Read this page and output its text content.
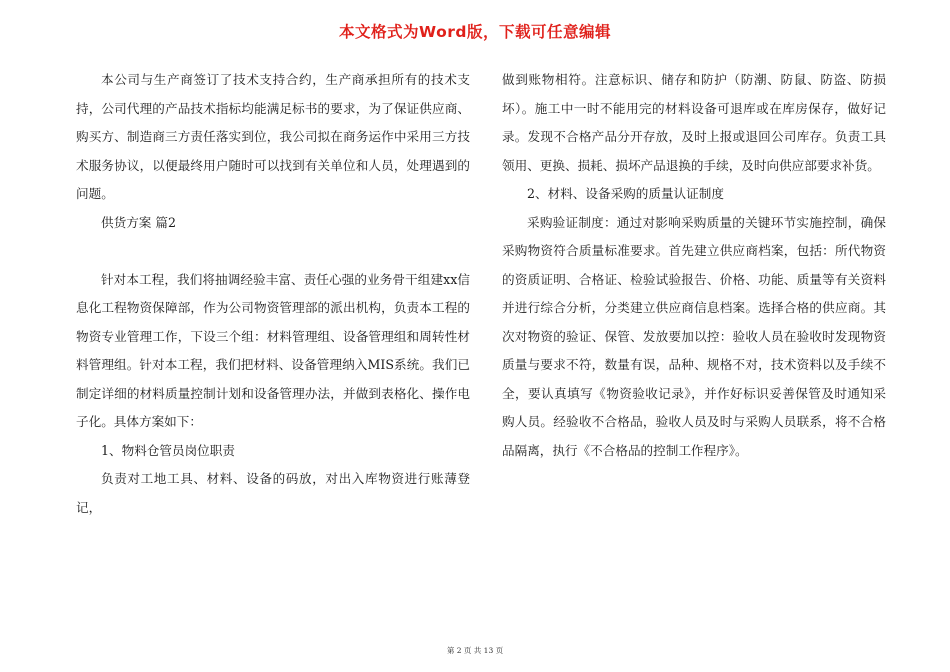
本文格式为Word版，下载可任意编辑

本公司与生产商签订了技术支持合约，生产商承担所有的技术支持，公司代理的产品技术指标均能满足标书的要求，为了保证供应商、购买方、制造商三方责任落实到位，我公司拟在商务运作中采用三方技术服务协议，以便最终用户随时可以找到有关单位和人员，处理遇到的问题。

供货方案 篇2

针对本工程，我们将抽调经验丰富、责任心强的业务骨干组建xx信息化工程物资保障部，作为公司物资管理部的派出机构，负责本工程的物资专业管理工作，下设三个组：材料管理组、设备管理组和周转性材料管理组。针对本工程，我们把材料、设备管理纳入MIS系统。我们已制定详细的材料质量控制计划和设备管理办法，并做到表格化、操作电子化。具体方案如下：

1、物料仓管员岗位职责

负责对工地工具、材料、设备的码放，对出入库物资进行账薄登记，

做到账物相符。注意标识、储存和防护（防潮、防鼠、防盗、防损坏）。施工中一时不能用完的材料设备可退库或在库房保存，做好记录。发现不合格产品分开存放，及时上报或退回公司库存。负责工具领用、更换、损耗、损坏产品退换的手续，及时向供应部要求补货。

2、材料、设备采购的质量认证制度

采购验证制度：通过对影响采购质量的关键环节实施控制，确保采购物资符合质量标准要求。首先建立供应商档案，包括：所代物资的资质证明、合格证、检验试验报告、价格、功能、质量等有关资料并进行综合分析，分类建立供应商信息档案。选择合格的供应商。其次对物资的验证、保管、发放要加以控：验收人员在验收时发现物资质量与要求不符，数量有误，品种、规格不对，技术资料以及手续不全，要认真填写《物资验收记录》，并作好标识妥善保管及时通知采购人员。经验收不合格品，验收人员及时与采购人员联系，将不合格品隔离，执行《不合格品的控制工作程序》。

第 2 页 共 13 页
